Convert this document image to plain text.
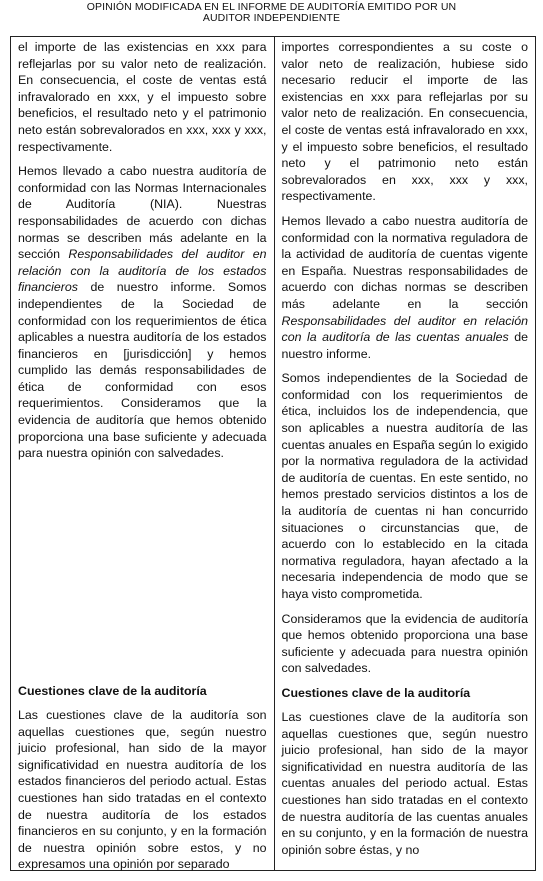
OPINIÓN MODIFICADA EN EL INFORME DE AUDITORÍA EMITIDO POR UN
AUDITOR INDEPENDIENTE

el importe de las existencias en xxx para reflejarlas por su valor neto de realización. En consecuencia, el coste de ventas está infravalorado en xxx, y el impuesto sobre beneficios, el resultado neto y el patrimonio neto están sobrevalorados en xxx, xxx y xxx, respectivamente.

Hemos llevado a cabo nuestra auditoría de conformidad con las Normas Internacionales de Auditoría (NIA). Nuestras responsabilidades de acuerdo con dichas normas se describen más adelante en la sección Responsabilidades del auditor en relación con la auditoría de los estados financieros de nuestro informe. Somos independientes de la Sociedad de conformidad con los requerimientos de ética aplicables a nuestra auditoría de los estados financieros en [jurisdicción] y hemos cumplido las demás responsabilidades de ética de conformidad con esos requerimientos. Consideramos que la evidencia de auditoría que hemos obtenido proporciona una base suficiente y adecuada para nuestra opinión con salvedades.

Cuestiones clave de la auditoría

Las cuestiones clave de la auditoría son aquellas cuestiones que, según nuestro juicio profesional, han sido de la mayor significatividad en nuestra auditoría de los estados financieros del periodo actual. Estas cuestiones han sido tratadas en el contexto de nuestra auditoría de los estados financieros en su conjunto, y en la formación de nuestra opinión sobre estos, y no expresamos una opinión por separado

importes correspondientes a su coste o valor neto de realización, hubiese sido necesario reducir el importe de las existencias en xxx para reflejarlas por su valor neto de realización. En consecuencia, el coste de ventas está infravalorado en xxx, y el impuesto sobre beneficios, el resultado neto y el patrimonio neto están sobrevalorados en xxx, xxx y xxx, respectivamente.

Hemos llevado a cabo nuestra auditoría de conformidad con la normativa reguladora de la actividad de auditoría de cuentas vigente en España. Nuestras responsabilidades de acuerdo con dichas normas se describen más adelante en la sección Responsabilidades del auditor en relación con la auditoría de las cuentas anuales de nuestro informe.

Somos independientes de la Sociedad de conformidad con los requerimientos de ética, incluidos los de independencia, que son aplicables a nuestra auditoría de las cuentas anuales en España según lo exigido por la normativa reguladora de la actividad de auditoría de cuentas. En este sentido, no hemos prestado servicios distintos a los de la auditoría de cuentas ni han concurrido situaciones o circunstancias que, de acuerdo con lo establecido en la citada normativa reguladora, hayan afectado a la necesaria independencia de modo que se haya visto comprometida.

Consideramos que la evidencia de auditoría que hemos obtenido proporciona una base suficiente y adecuada para nuestra opinión con salvedades.

Cuestiones clave de la auditoría

Las cuestiones clave de la auditoría son aquellas cuestiones que, según nuestro juicio profesional, han sido de la mayor significatividad en nuestra auditoría de las cuentas anuales del periodo actual. Estas cuestiones han sido tratadas en el contexto de nuestra auditoría de las cuentas anuales en su conjunto, y en la formación de nuestra opinión sobre éstas, y no
